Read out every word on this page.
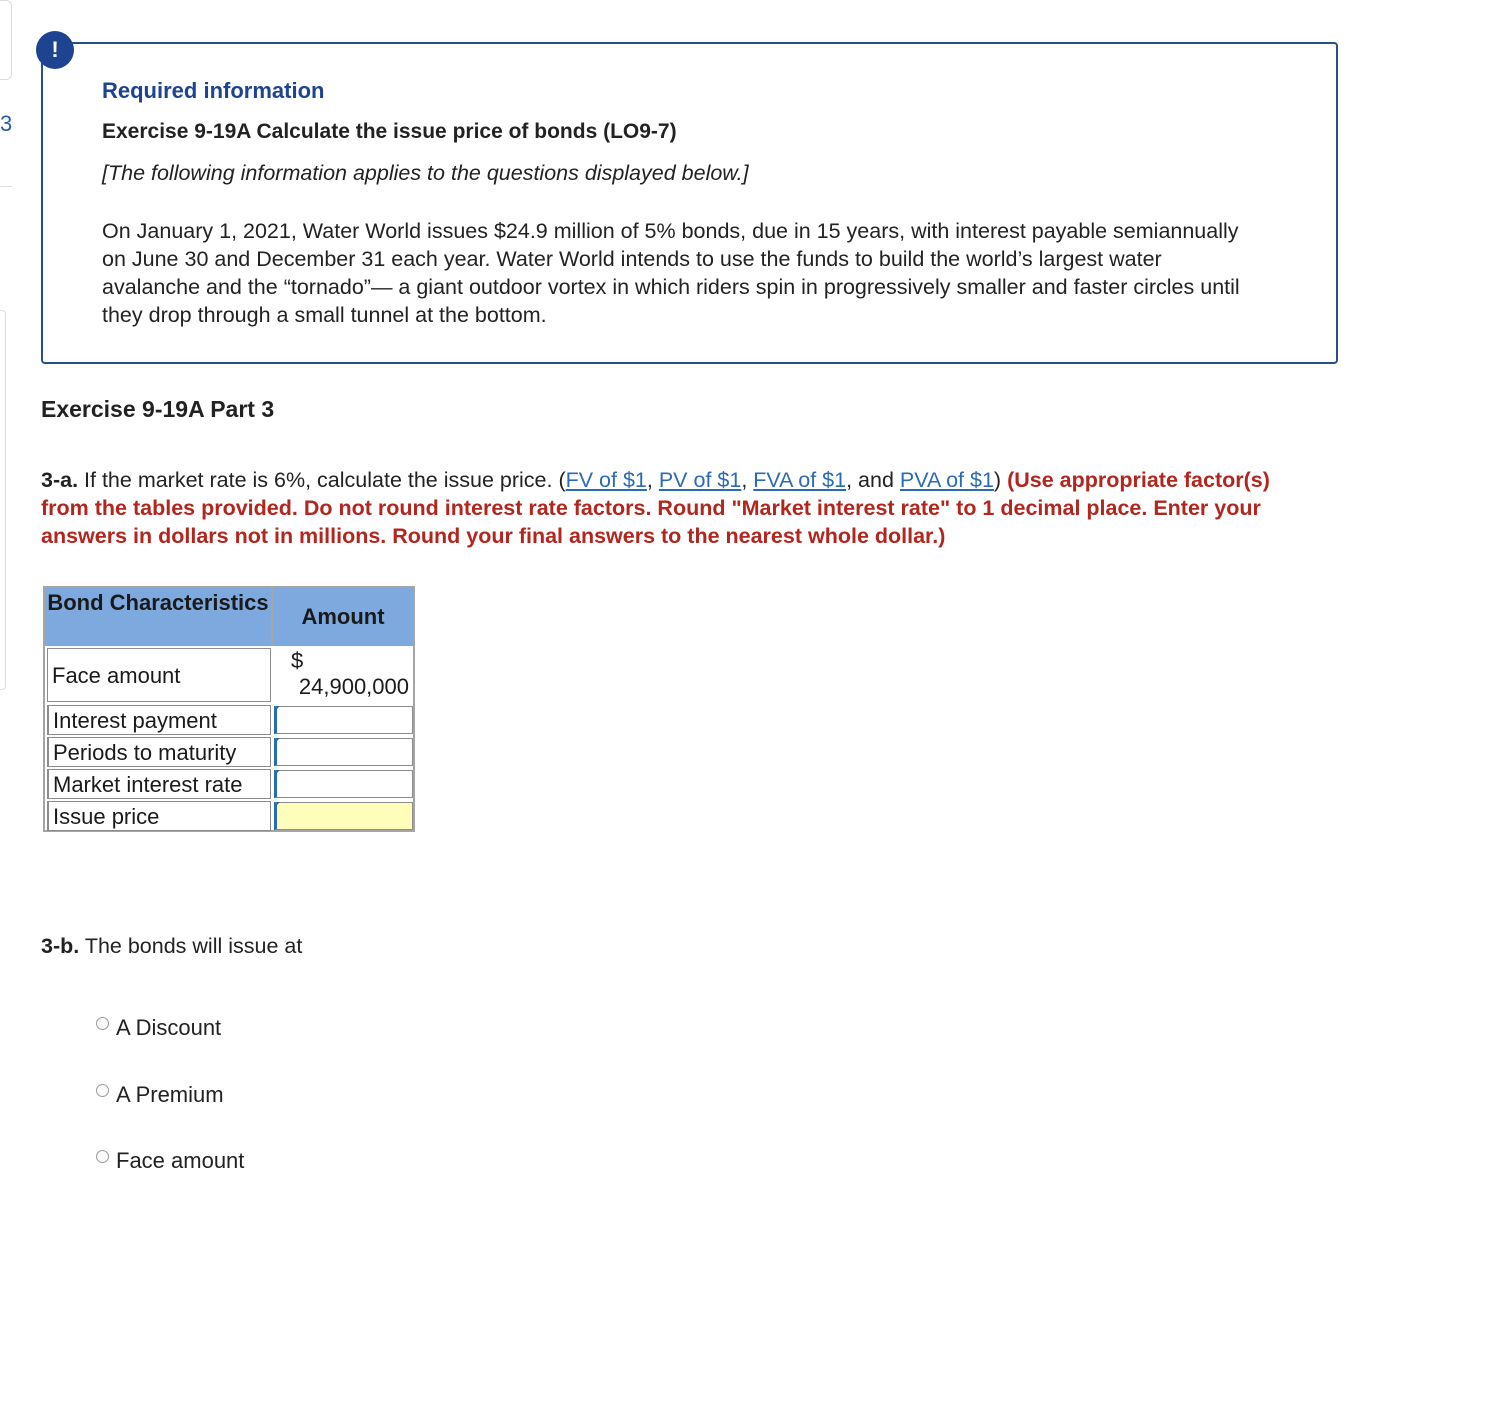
3
!
Required information
Exercise 9-19A Calculate the issue price of bonds (LO9-7)
[The following information applies to the questions displayed below.]
On January 1, 2021, Water World issues $24.9 million of 5% bonds, due in 15 years, with interest payable semiannually on June 30 and December 31 each year. Water World intends to use the funds to build the world’s largest water avalanche and the “tornado”— a giant outdoor vortex in which riders spin in progressively smaller and faster circles until they drop through a small tunnel at the bottom.
Exercise 9-19A Part 3
3-a. If the market rate is 6%, calculate the issue price. (FV of $1, PV of $1, FVA of $1, and PVA of $1) (Use appropriate factor(s) from the tables provided. Do not round interest rate factors. Round "Market interest rate" to 1 decimal place. Enter your answers in dollars not in millions. Round your final answers to the nearest whole dollar.)
Bond Characteristics
Amount
Face amount
$
24,900,000
Interest payment
Periods to maturity
Market interest rate
Issue price
3-b. The bonds will issue at
A Discount
A Premium
Face amount
